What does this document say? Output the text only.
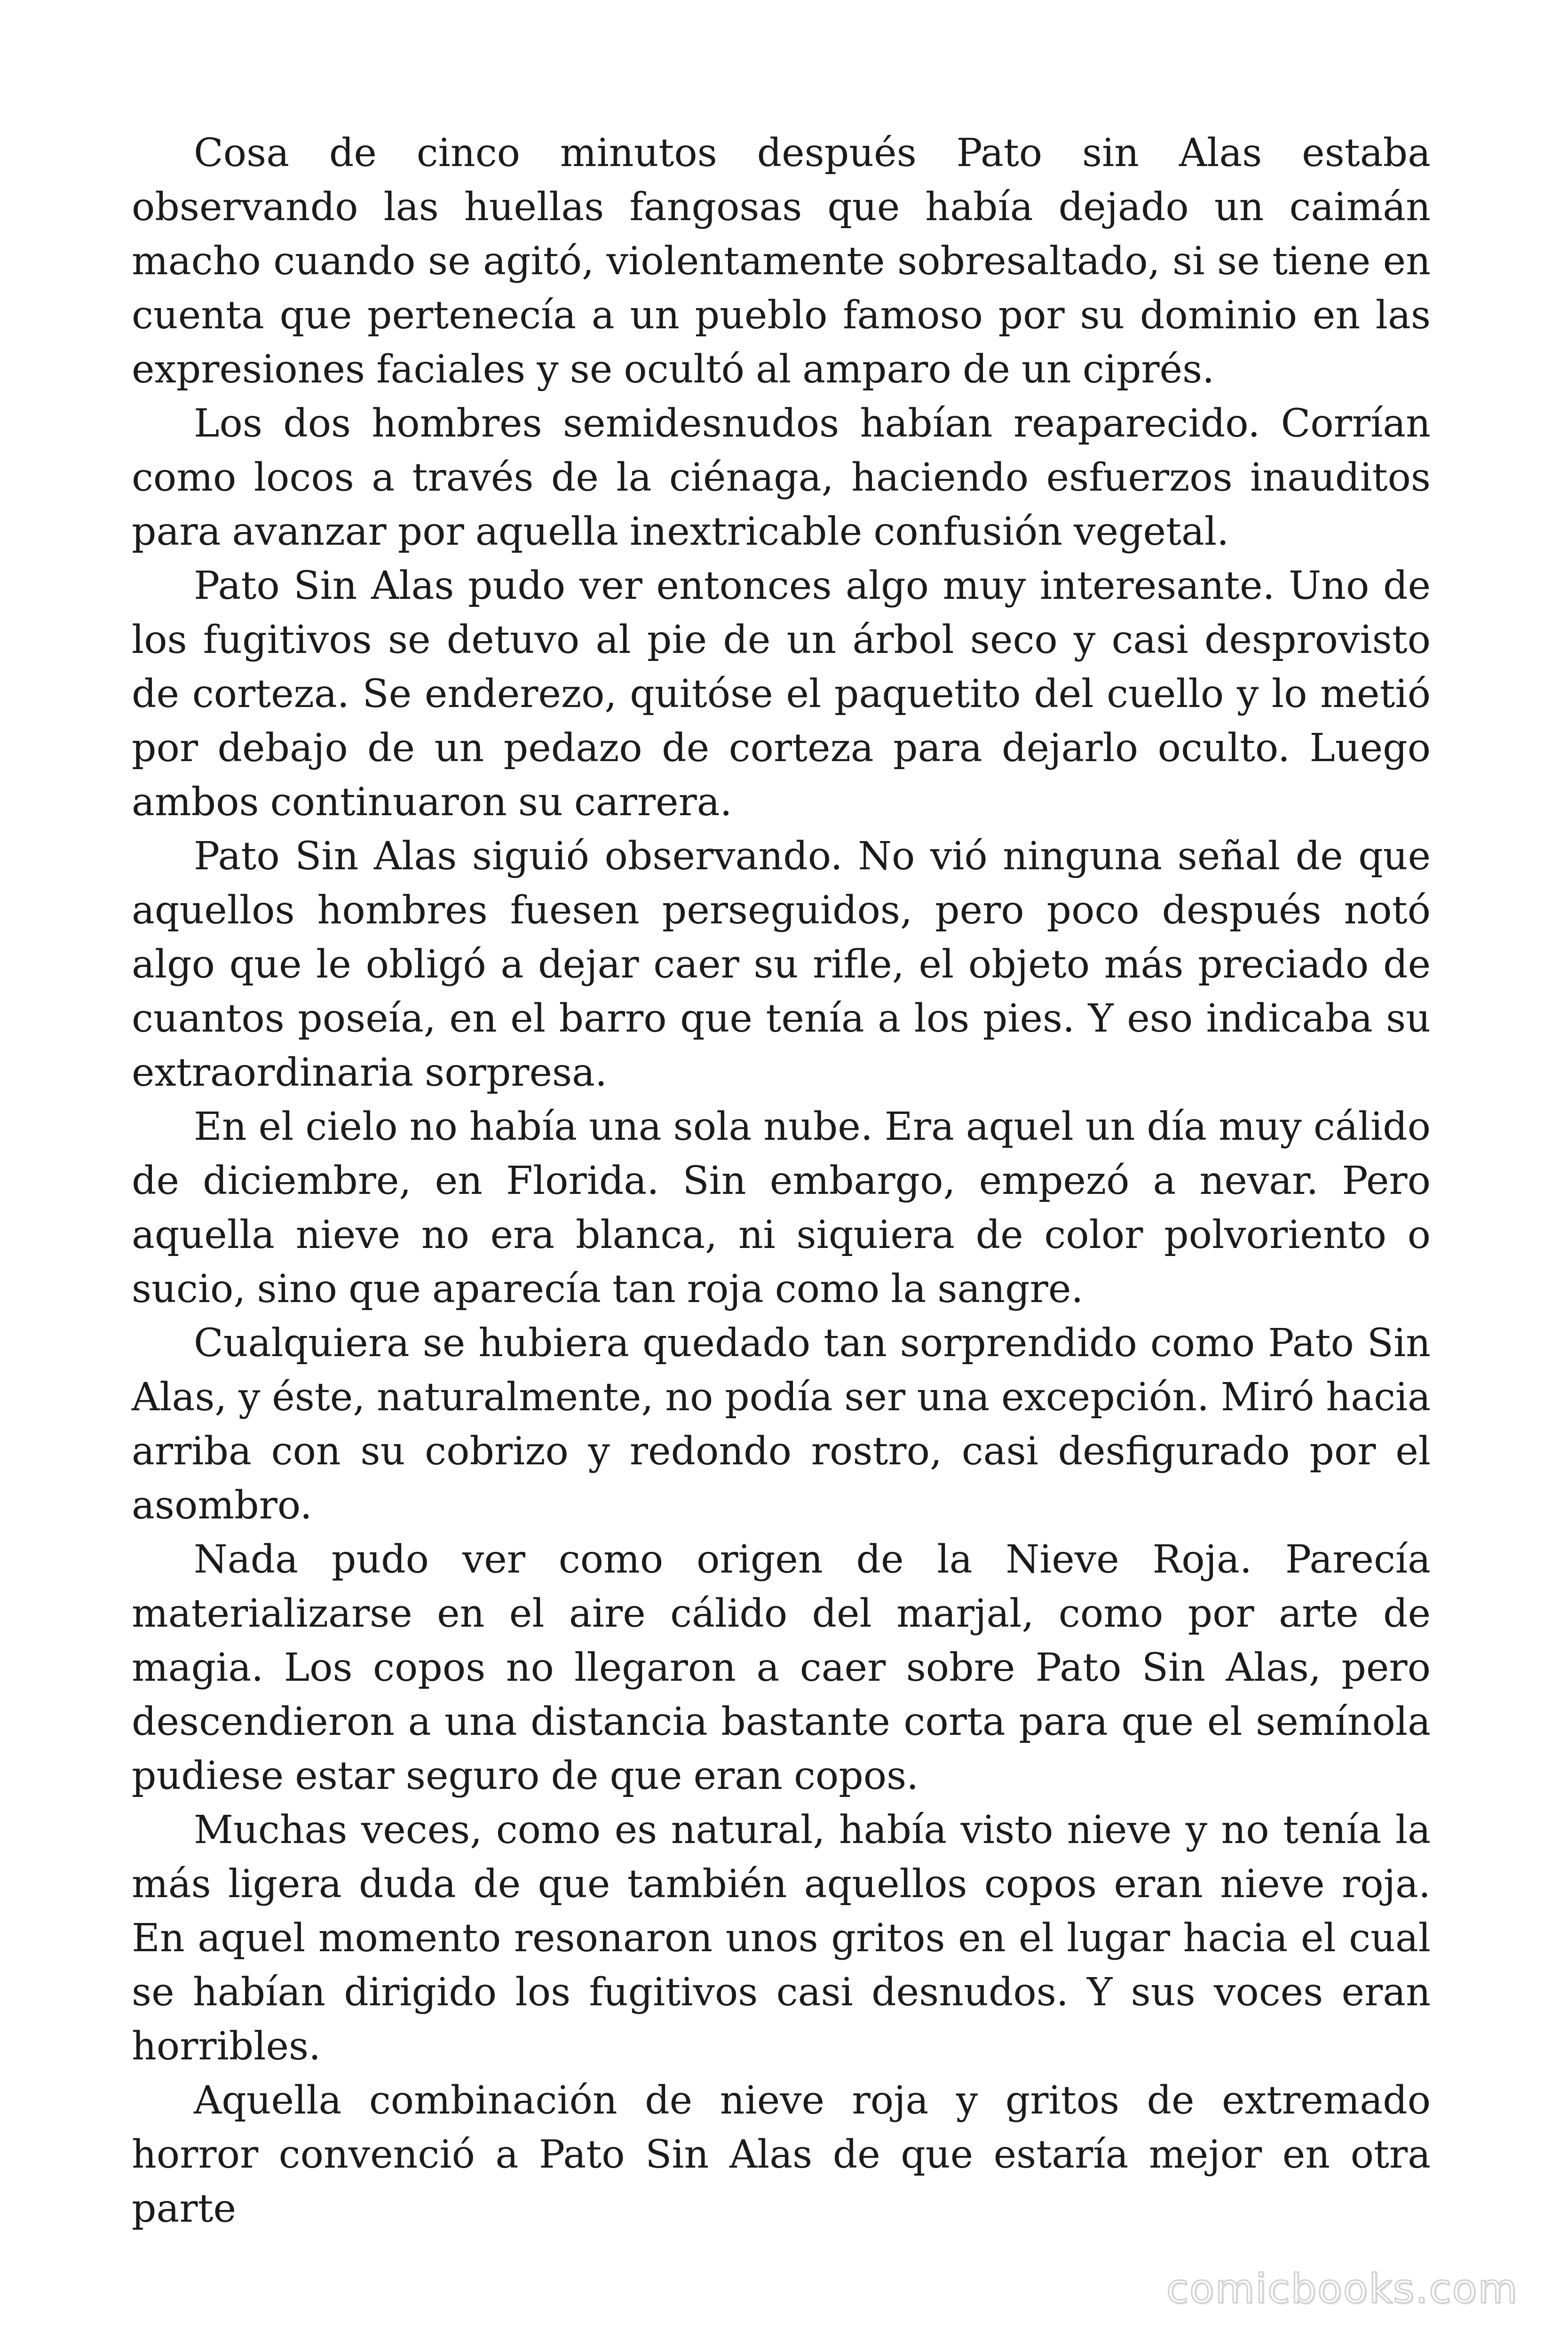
Cosa de cinco minutos después Pato sin Alas estaba observando las huellas fangosas que había dejado un caimán macho cuando se agitó, violentamente sobresaltado, si se tiene en cuenta que pertenecía a un pueblo famoso por su dominio en las expresiones faciales y se ocultó al amparo de un ciprés.

Los dos hombres semidesnudos habían reaparecido. Corrían como locos a través de la ciénaga, haciendo esfuerzos inauditos para avanzar por aquella inextricable confusión vegetal.

Pato Sin Alas pudo ver entonces algo muy interesante. Uno de los fugitivos se detuvo al pie de un árbol seco y casi desprovisto de corteza. Se enderezo, quitóse el paquetito del cuello y lo metió por debajo de un pedazo de corteza para dejarlo oculto. Luego ambos continuaron su carrera.

Pato Sin Alas siguió observando. No vió ninguna señal de que aquellos hombres fuesen perseguidos, pero poco después notó algo que le obligó a dejar caer su rifle, el objeto más preciado de cuantos poseía, en el barro que tenía a los pies. Y eso indicaba su extraordinaria sorpresa.

En el cielo no había una sola nube. Era aquel un día muy cálido de diciembre, en Florida. Sin embargo, empezó a nevar. Pero aquella nieve no era blanca, ni siquiera de color polvoriento o sucio, sino que aparecía tan roja como la sangre.

Cualquiera se hubiera quedado tan sorprendido como Pato Sin Alas, y éste, naturalmente, no podía ser una excepción. Miró hacia arriba con su cobrizo y redondo rostro, casi desfigurado por el asombro.

Nada pudo ver como origen de la Nieve Roja. Parecía materializarse en el aire cálido del marjal, como por arte de magia. Los copos no llegaron a caer sobre Pato Sin Alas, pero descendieron a una distancia bastante corta para que el semínola pudiese estar seguro de que eran copos.

Muchas veces, como es natural, había visto nieve y no tenía la más ligera duda de que también aquellos copos eran nieve roja. En aquel momento resonaron unos gritos en el lugar hacia el cual se habían dirigido los fugitivos casi desnudos. Y sus voces eran horribles.

Aquella combinación de nieve roja y gritos de extremado horror convenció a Pato Sin Alas de que estaría mejor en otra parte

comicbooks.com
